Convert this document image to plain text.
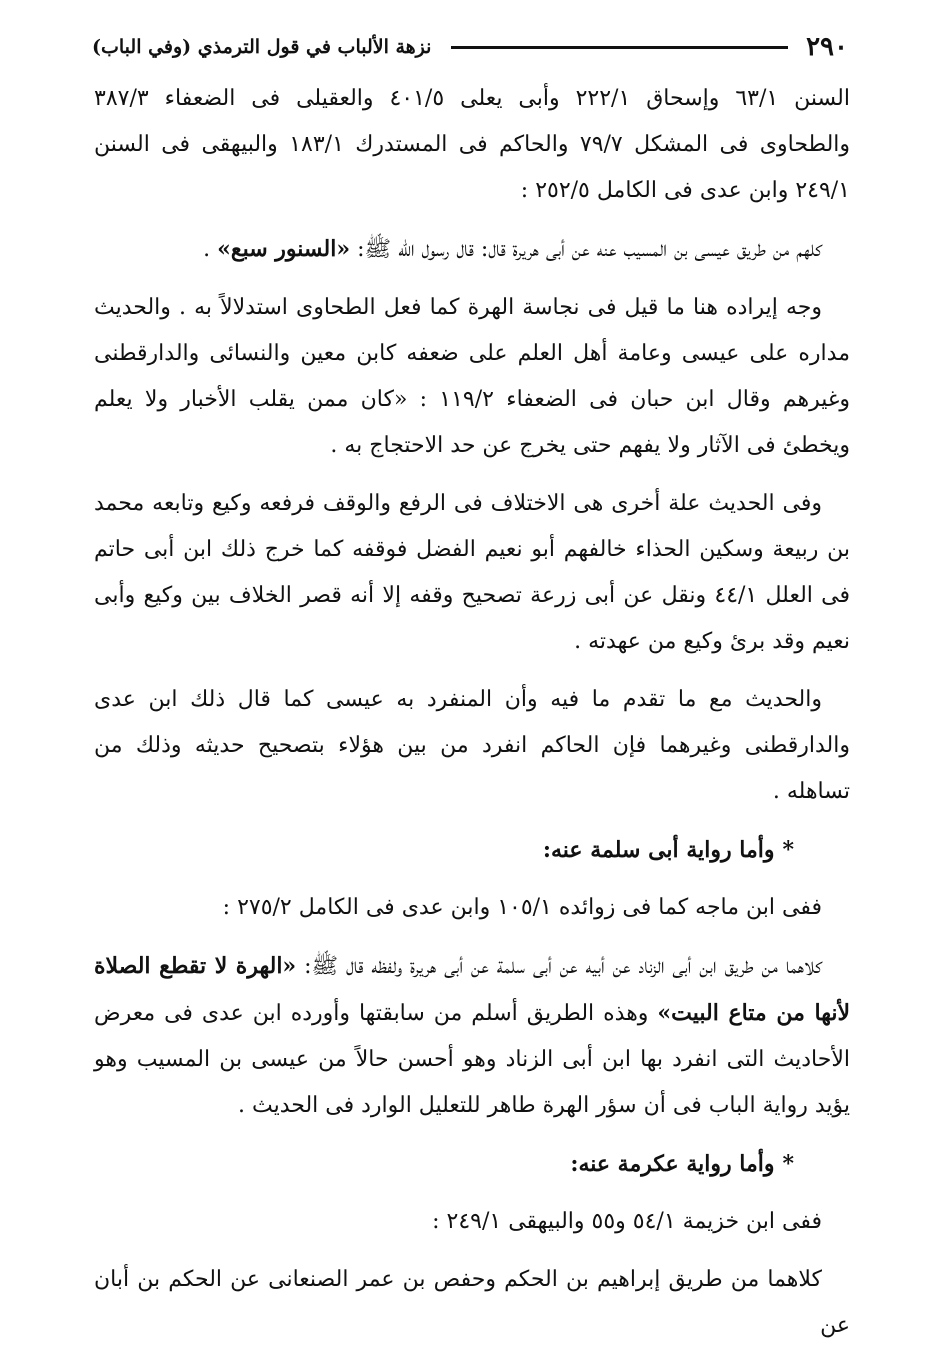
٢٩٠
نزهة الألباب في قول الترمذي (وفي الباب)

السنن ٦٣/١ وإسحاق ٢٢٢/١ وأبى يعلى ٤٠١/٥ والعقيلى فى الضعفاء ٣٨٧/٣ والطحاوى فى المشكل ٧٩/٧ والحاكم فى المستدرك ١٨٣/١ والبيهقى فى السنن ٢٤٩/١ وابن عدى فى الكامل ٢٥٢/٥ :

كلهم من طريق عيسى بن المسيب عنه عن أبى هريرة قال: قال رسول الله ﷺ: «السنور سبع» .

وجه إيراده هنا ما قيل فى نجاسة الهرة كما فعل الطحاوى استدلالاً به . والحديث مداره على عيسى وعامة أهل العلم على ضعفه كابن معين والنسائى والدارقطنى وغيرهم وقال ابن حبان فى الضعفاء ١١٩/٢ : «كان ممن يقلب الأخبار ولا يعلم ويخطئ فى الآثار ولا يفهم حتى يخرج عن حد الاحتجاج به .

وفى الحديث علة أخرى هى الاختلاف فى الرفع والوقف فرفعه وكيع وتابعه محمد بن ربيعة وسكين الحذاء خالفهم أبو نعيم الفضل فوقفه كما خرج ذلك ابن أبى حاتم فى العلل ٤٤/١ ونقل عن أبى زرعة تصحيح وقفه إلا أنه قصر الخلاف بين وكيع وأبى نعيم وقد برئ وكيع من عهدته .

والحديث مع ما تقدم ما فيه وأن المنفرد به عيسى كما قال ذلك ابن عدى والدارقطنى وغيرهما فإن الحاكم انفرد من بين هؤلاء بتصحيح حديثه وذلك من تساهله .

*وأما رواية أبى سلمة عنه:

ففى ابن ماجه كما فى زوائده ١٠٥/١ وابن عدى فى الكامل ٢٧٥/٢ :

كلاهما من طريق ابن أبى الزناد عن أبيه عن أبى سلمة عن أبى هريرة ولفظه قال ﷺ: «الهرة لا تقطع الصلاة لأنها من متاع البيت» وهذه الطريق أسلم من سابقتها وأورده ابن عدى فى معرض الأحاديث التى انفرد بها ابن أبى الزناد وهو أحسن حالاً من عيسى بن المسيب وهو يؤيد رواية الباب فى أن سؤر الهرة طاهر للتعليل الوارد فى الحديث .

*وأما رواية عكرمة عنه:

ففى ابن خزيمة ٥٤/١ و٥٥ والبيهقى ٢٤٩/١ :

كلاهما من طريق إبراهيم بن الحكم وحفص بن عمر الصنعانى عن الحكم بن أبان عن
